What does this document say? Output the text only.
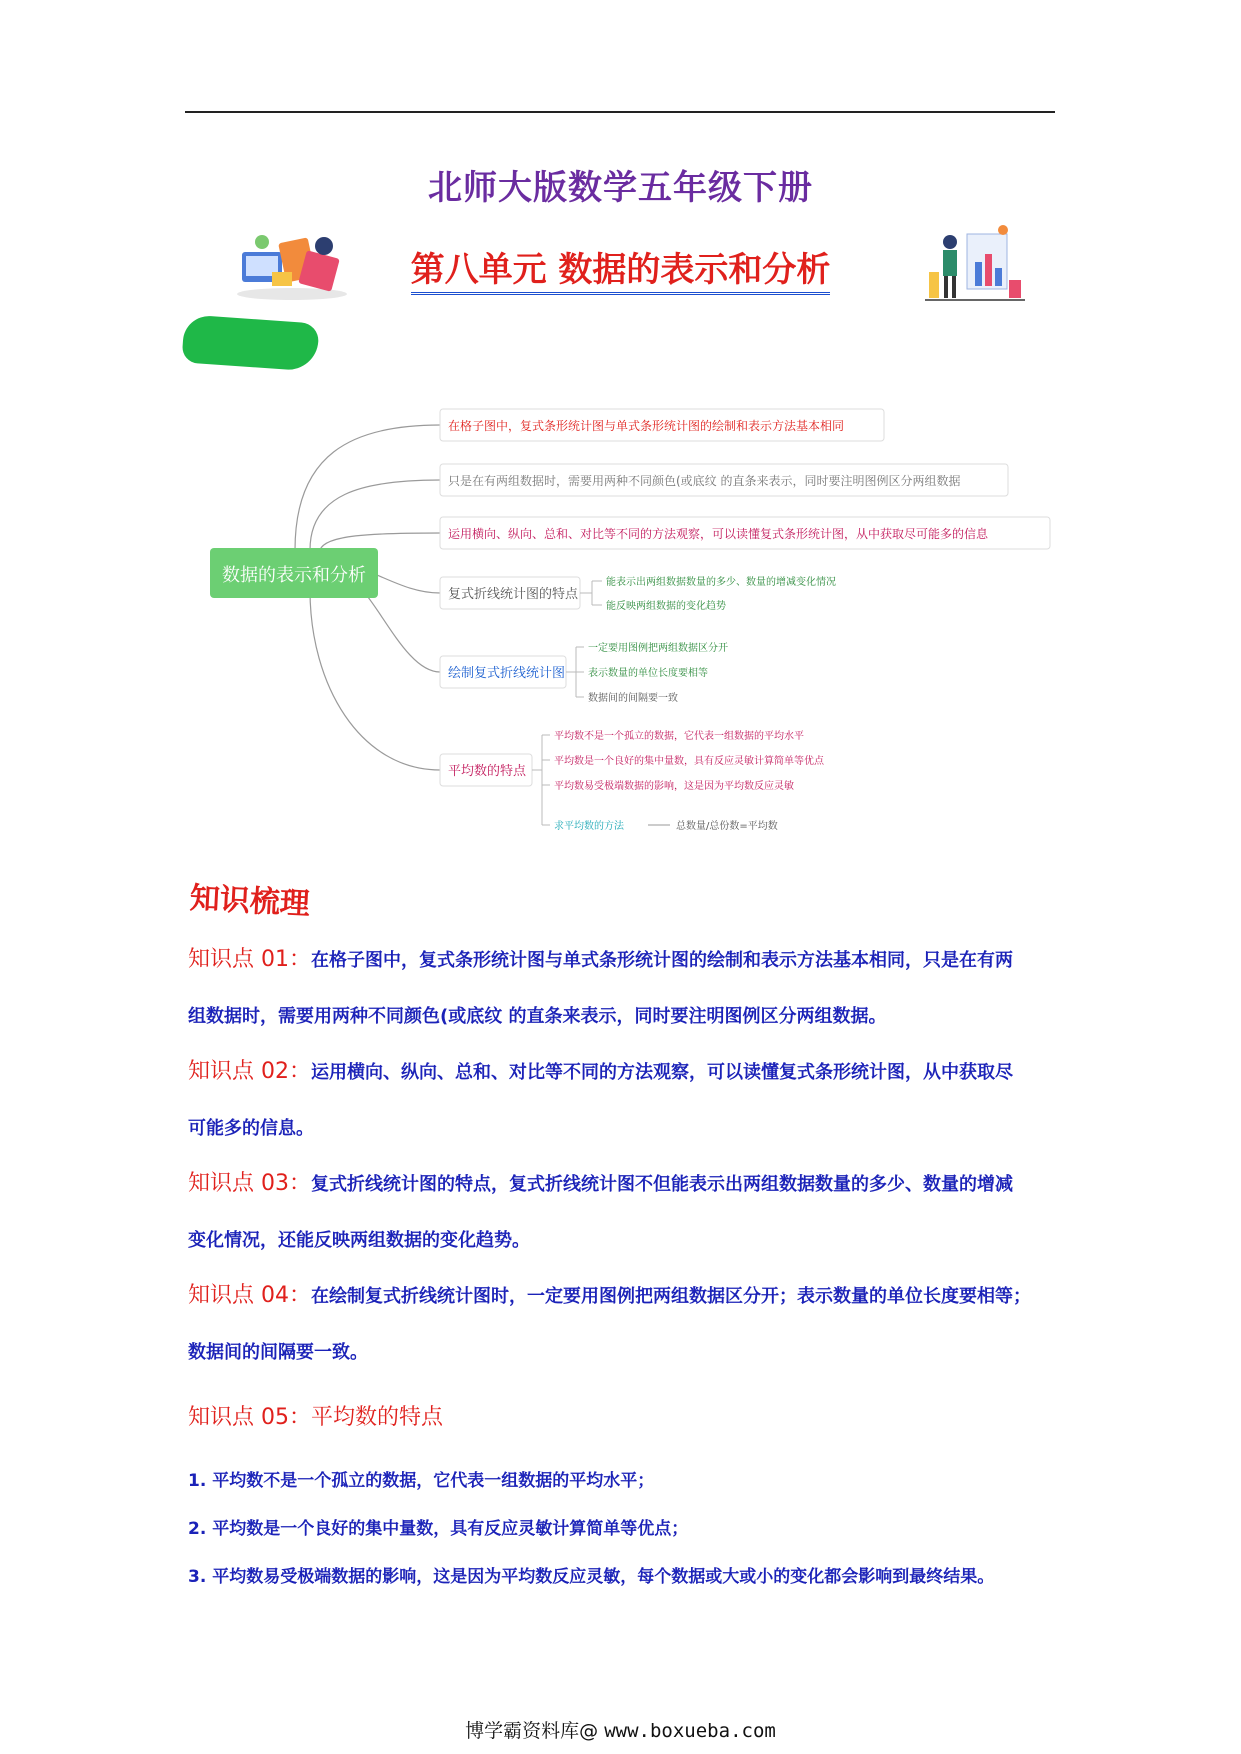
北师大版数学五年级下册
第八单元 数据的表示和分析
数据的表示和分析
在格子图中，复式条形统计图与单式条形统计图的绘制和表示方法基本相同
只是在有两组数据时，需要用两种不同颜色(或底纹 的直条来表示，同时要注明图例区分两组数据
运用横向、纵向、总和、对比等不同的方法观察，可以读懂复式条形统计图，从中获取尽可能多的信息
复式折线统计图的特点
能表示出两组数据数量的多少、数量的增减变化情况
能反映两组数据的变化趋势
绘制复式折线统计图
一定要用图例把两组数据区分开
表示数量的单位长度要相等
数据间的间隔要一致
平均数的特点
平均数不是一个孤立的数据，它代表一组数据的平均水平
平均数是一个良好的集中量数，具有反应灵敏计算简单等优点
平均数易受极端数据的影响，这是因为平均数反应灵敏
求平均数的方法	总数量/总份数=平均数
知识梳理
知识点 01：在格子图中，复式条形统计图与单式条形统计图的绘制和表示方法基本相同，只是在有两
组数据时，需要用两种不同颜色(或底纹 的直条来表示，同时要注明图例区分两组数据。
知识点 02：运用横向、纵向、总和、对比等不同的方法观察，可以读懂复式条形统计图，从中获取尽
可能多的信息。
知识点 03：复式折线统计图的特点，复式折线统计图不但能表示出两组数据数量的多少、数量的增减
变化情况，还能反映两组数据的变化趋势。
知识点 04：在绘制复式折线统计图时，一定要用图例把两组数据区分开；表示数量的单位长度要相等；
数据间的间隔要一致。
知识点 05：平均数的特点
1. 平均数不是一个孤立的数据，它代表一组数据的平均水平；
2. 平均数是一个良好的集中量数，具有反应灵敏计算简单等优点；
3. 平均数易受极端数据的影响，这是因为平均数反应灵敏，每个数据或大或小的变化都会影响到最终结果。
博学霸资料库@ www.boxueba.com
